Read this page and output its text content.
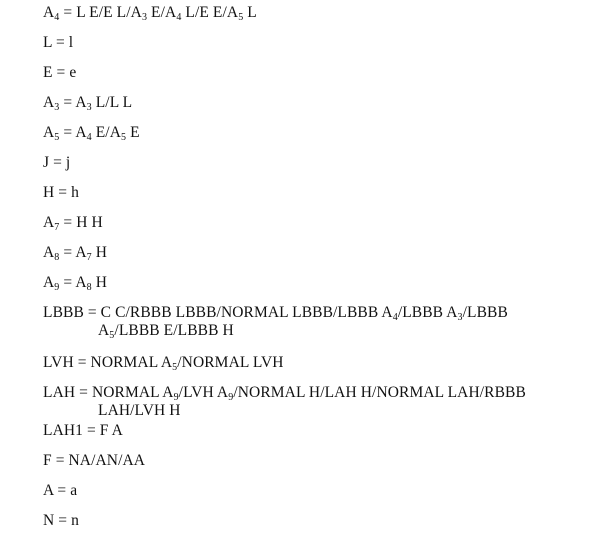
$A_4 = L$ E/E $L/A_3$ $E/A_4$ L/E $E/A_5$ L
L = l
E = e
$A_3 = A_3$ L/L L
$A_5 = A_4$ $E/A_5$ E
J = j
H = h
$A_7 = H$ H
$A_8 = A_7$ H
$A_9 = A_8$ H
LBBB = C C/RBBB LBBB/NORMAL LBBB/LBBB $A_4$/LBBB $A_3$/LBBB
$A_5$/LBBB E/LBBB H
LVH = NORMAL $A_5$/NORMAL LVH
LAH = NORMAL $A_9$/LVH $A_9$/NORMAL H/LAH H/NORMAL LAH/RBBB
LAH/LVH H
LAH1 = F A
F = NA/AN/AA
A = a
N = n
